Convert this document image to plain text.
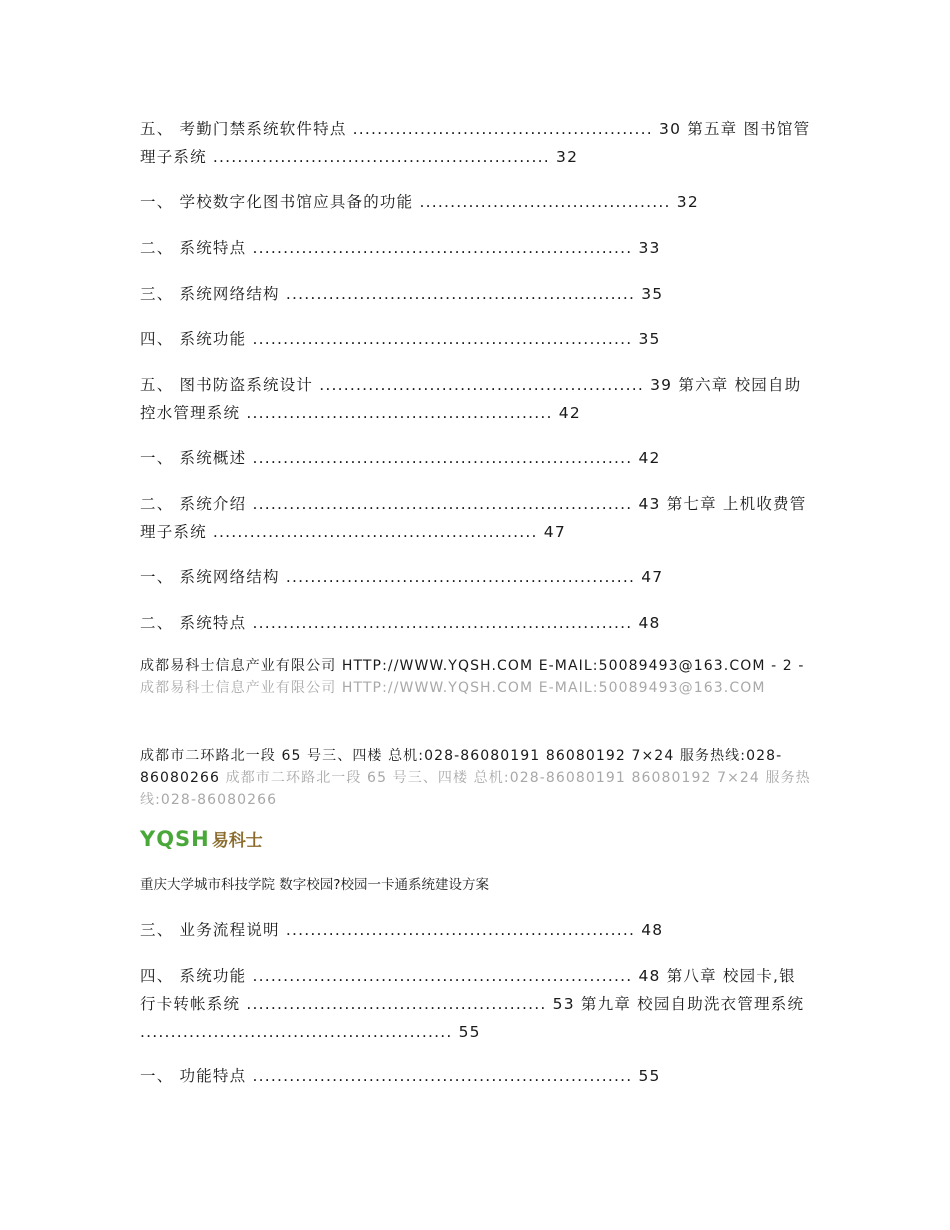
五、 考勤门禁系统软件特点 ................................................. 30 第五章 图书馆管理子系统 ....................................................... 32
一、 学校数字化图书馆应具备的功能 ......................................... 32
二、 系统特点 .............................................................. 33
三、 系统网络结构 ......................................................... 35
四、 系统功能 .............................................................. 35
五、 图书防盗系统设计 ..................................................... 39 第六章 校园自助控水管理系统 .................................................. 42
一、 系统概述 .............................................................. 42
二、 系统介绍 .............................................................. 43 第七章 上机收费管理子系统 ..................................................... 47
一、 系统网络结构 ......................................................... 47
二、 系统特点 .............................................................. 48
成都易科士信息产业有限公司 HTTP://WWW.YQSH.COM E-MAIL:50089493@163.COM - 2 - 成都易科士信息产业有限公司 HTTP://WWW.YQSH.COM E-MAIL:50089493@163.COM
成都市二环路北一段 65 号三、四楼 总机:028-86080191 86080192 7×24 服务热线:028-86080266 成都市二环路北一段 65 号三、四楼 总机:028-86080191 86080192 7×24 服务热线:028-86080266
YQSH 易科士
重庆大学城市科技学院 数字校园?校园一卡通系统建设方案
三、 业务流程说明 ......................................................... 48
四、 系统功能 .............................................................. 48 第八章 校园卡,银行卡转帐系统 ................................................. 53 第九章 校园自助洗衣管理系统 ................................................... 55
一、 功能特点 .............................................................. 55
